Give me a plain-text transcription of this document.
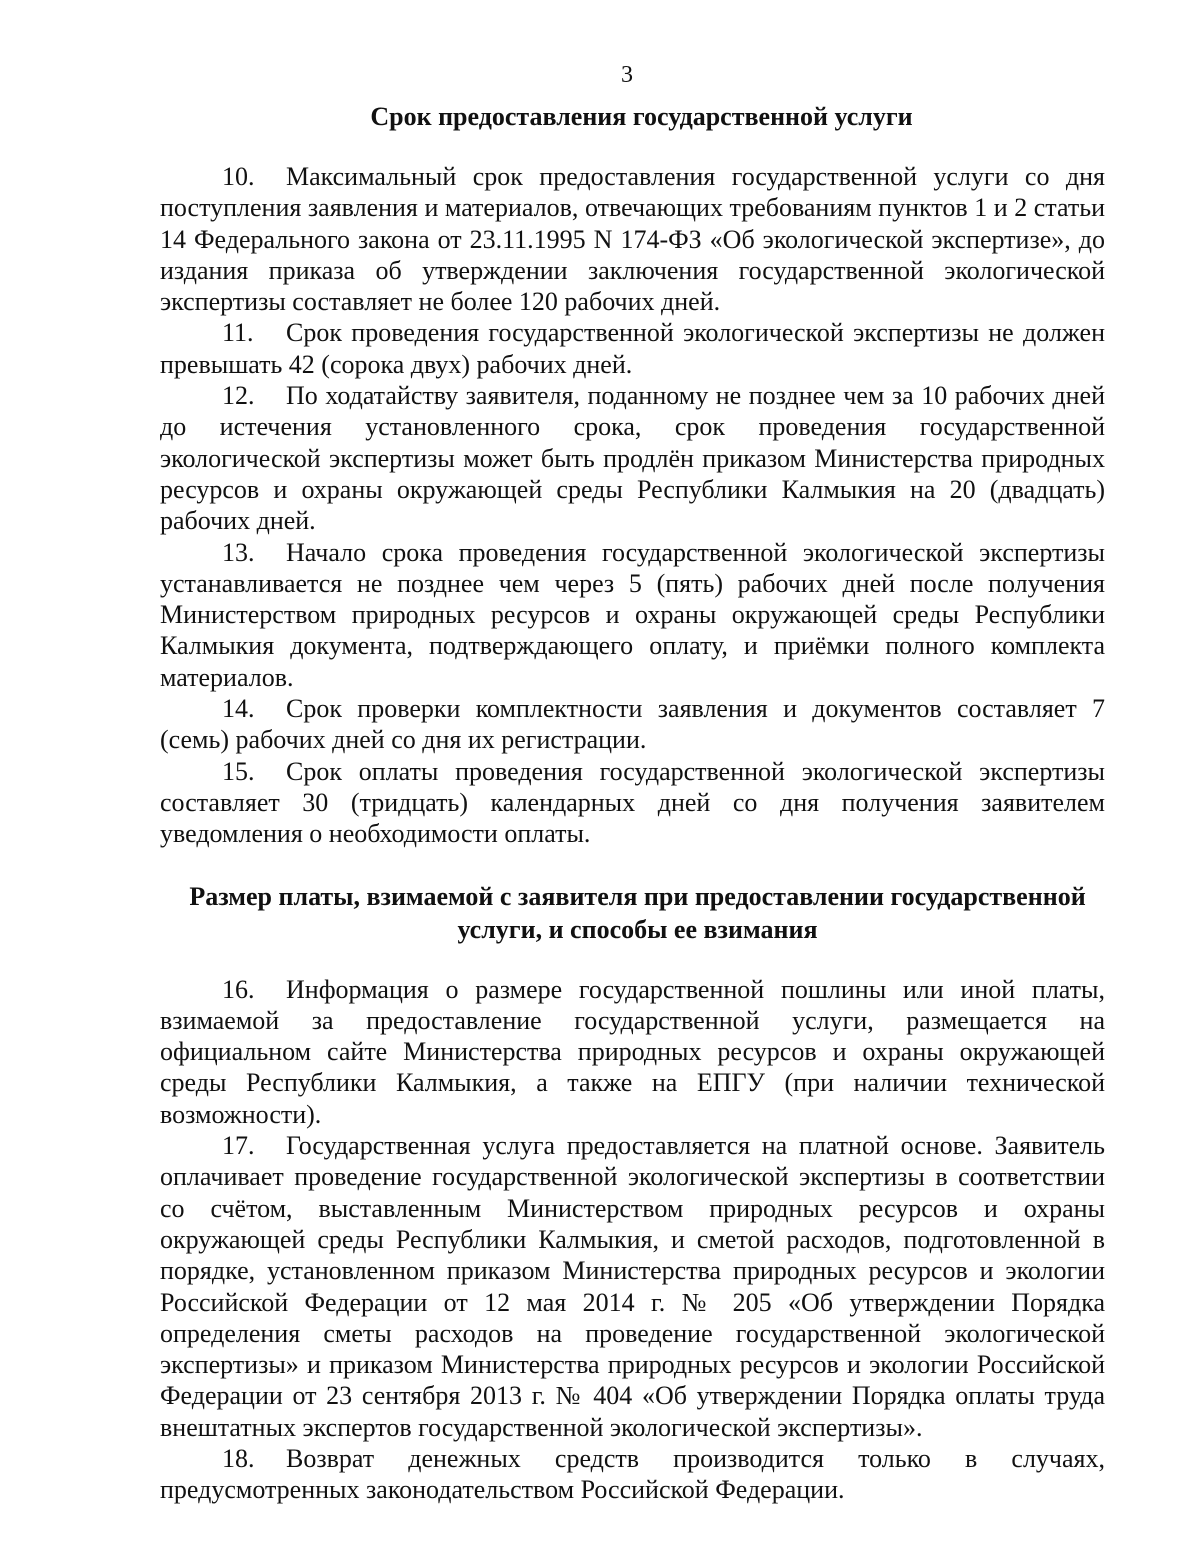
3
Срок предоставления государственной услуги

10. Максимальный срок предоставления государственной услуги со дня поступления заявления и материалов, отвечающих требованиям пунктов 1 и 2 статьи 14 Федерального закона от 23.11.1995 N 174-ФЗ «Об экологической экспертизе», до издания приказа об утверждении заключения государственной экологической экспертизы составляет не более 120 рабочих дней.

11. Срок проведения государственной экологической экспертизы не должен превышать 42 (сорока двух) рабочих дней.

12. По ходатайству заявителя, поданному не позднее чем за 10 рабочих дней до истечения установленного срока, срок проведения государственной экологической экспертизы может быть продлён приказом Министерства природных ресурсов и охраны окружающей среды Республики Калмыкия на 20 (двадцать) рабочих дней.

13. Начало срока проведения государственной экологической экспертизы устанавливается не позднее чем через 5 (пять) рабочих дней после получения Министерством природных ресурсов и охраны окружающей среды Республики Калмыкия документа, подтверждающего оплату, и приёмки полного комплекта материалов.

14. Срок проверки комплектности заявления и документов составляет 7 (семь) рабочих дней со дня их регистрации.

15. Срок оплаты проведения государственной экологической экспертизы составляет 30 (тридцать) календарных дней со дня получения заявителем уведомления о необходимости оплаты.

Размер платы, взимаемой с заявителя при предоставлении государственной
услуги, и способы ее взимания

16. Информация о размере государственной пошлины или иной платы, взимаемой за предоставление государственной услуги, размещается на официальном сайте Министерства природных ресурсов и охраны окружающей среды Республики Калмыкия, а также на ЕПГУ (при наличии технической возможности).

17. Государственная услуга предоставляется на платной основе. Заявитель оплачивает проведение государственной экологической экспертизы в соответствии со счётом, выставленным Министерством природных ресурсов и охраны окружающей среды Республики Калмыкия, и сметой расходов, подготовленной в порядке, установленном приказом Министерства природных ресурсов и экологии Российской Федерации от 12 мая 2014 г. № 205 «Об утверждении Порядка определения сметы расходов на проведение государственной экологической экспертизы» и приказом Министерства природных ресурсов и экологии Российской Федерации от 23 сентября 2013 г. № 404 «Об утверждении Порядка оплаты труда внештатных экспертов государственной экологической экспертизы».

18. Возврат денежных средств производится только в случаях, предусмотренных законодательством Российской Федерации.
